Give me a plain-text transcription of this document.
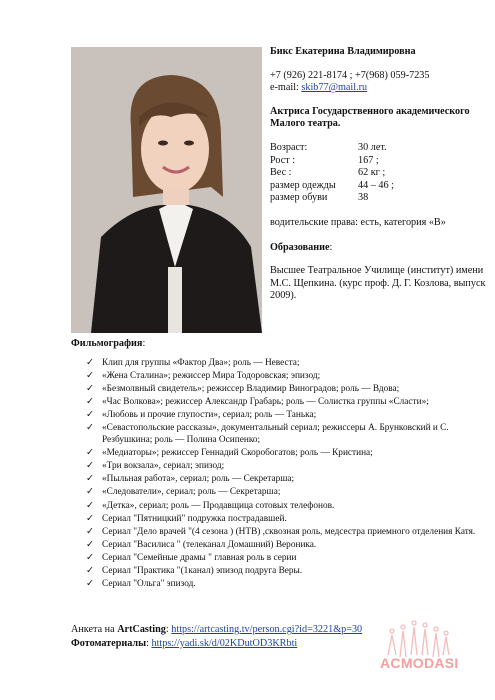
Бикс Екатерина Владимировна
+7 (926) 221-8174 ; +7(968) 059-7235
e-mail: skib77@mail.ru
Актриса Государственного академического Малого театра.
Возраст:	30 лет.
Рост :	167 ;
Вес :	62 кг ;
размер одежды	44 – 46 ;
размер обуви	38
водительские права: есть, категория «B»
Образование:
Высшее Театральное Училище (институт) имени М.С. Щепкина. (курс проф. Д. Г. Козлова, выпуск 2009).
Фильмография:
✓ Клип для группы «Фактор Два»; роль — Невеста;
✓ «Жена Сталина»; режиссер Мира Тодоровская; эпизод;
✓ «Безмолвный свидетель»; режиссер Владимир Виноградов; роль — Вдова;
✓ «Час Волкова»; режиссер Александр Грабарь; роль — Солистка группы «Сласти»;
✓ «Любовь и прочие глупости», сериал; роль — Танька;
✓ «Севастопольские рассказы», документальный сериал; режиссеры А. Брунковский и С. Резбушкина; роль — Полина Осипенко;
✓ «Медиаторы»; режиссер Геннадий Скоробогатов; роль — Кристина;
✓ «Три вокзала», сериал; эпизод;
✓ «Пыльная работа», сериал; роль — Секретарша;
✓ «Следователи», сериал; роль — Секретарша;
✓ «Детка», сериал; роль — Продавщица сотовых телефонов.
✓ Сериал "Пятницкий" подружка пострадавшей.
✓ Сериал "Дело врачей "(4 сезона ) (НТВ) ,сквозная роль, медсестра приемного отделения Катя.
✓ Сериал "Василиса " (телеканал Домашний) Вероника.
✓ Сериал "Семейные драмы " главная роль в серии
✓ Сериал "Практика "(1канал) эпизод подруга Веры.
✓ Сериал "Ольга" эпизод.
Анкета на ArtCasting: https://artcasting.tv/person.cgi?id=3221&p=30
Фотоматериалы: https://yadi.sk/d/02KDutOD3KRbti
ACMODASI
